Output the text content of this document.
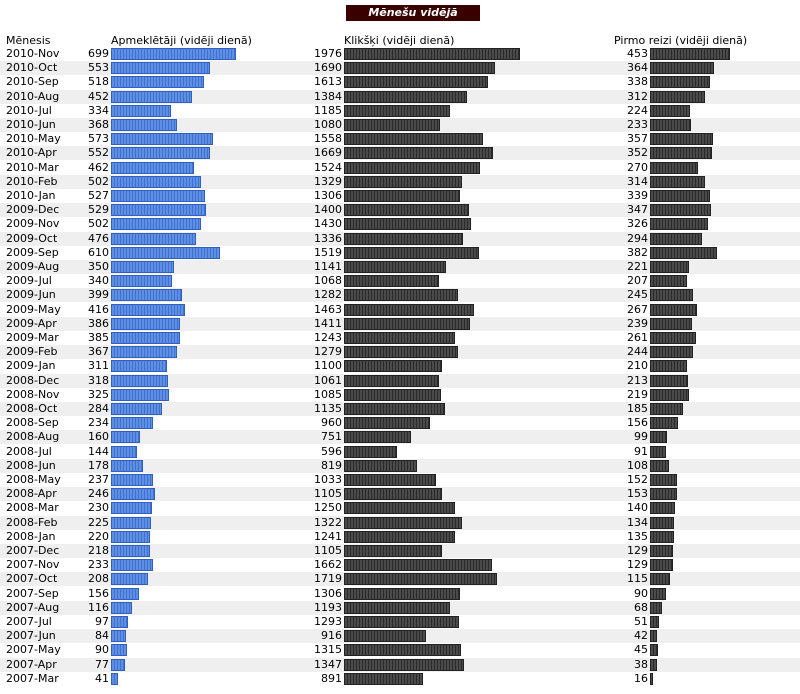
Mēnešu vidējā statistika
Mēnesis	Apmeklētāji (vidēji dienā)	Klikšķi (vidēji dienā)	Pirmo reizi (vidēji dienā)
2010-Nov	699	1976	453
2010-Oct	553	1690	364
2010-Sep	518	1613	338
2010-Aug	452	1384	312
2010-Jul	334	1185	224
2010-Jun	368	1080	233
2010-May	573	1558	357
2010-Apr	552	1669	352
2010-Mar	462	1524	270
2010-Feb	502	1329	314
2010-Jan	527	1306	339
2009-Dec	529	1400	347
2009-Nov	502	1430	326
2009-Oct	476	1336	294
2009-Sep	610	1519	382
2009-Aug	350	1141	221
2009-Jul	340	1068	207
2009-Jun	399	1282	245
2009-May	416	1463	267
2009-Apr	386	1411	239
2009-Mar	385	1243	261
2009-Feb	367	1279	244
2009-Jan	311	1100	210
2008-Dec	318	1061	213
2008-Nov	325	1085	219
2008-Oct	284	1135	185
2008-Sep	234	960	156
2008-Aug	160	751	99
2008-Jul	144	596	91
2008-Jun	178	819	108
2008-May	237	1033	152
2008-Apr	246	1105	153
2008-Mar	230	1250	140
2008-Feb	225	1322	134
2008-Jan	220	1241	135
2007-Dec	218	1105	129
2007-Nov	233	1662	129
2007-Oct	208	1719	115
2007-Sep	156	1306	90
2007-Aug	116	1193	68
2007-Jul	97	1293	51
2007-Jun	84	916	42
2007-May	90	1315	45
2007-Apr	77	1347	38
2007-Mar	41	891	16
